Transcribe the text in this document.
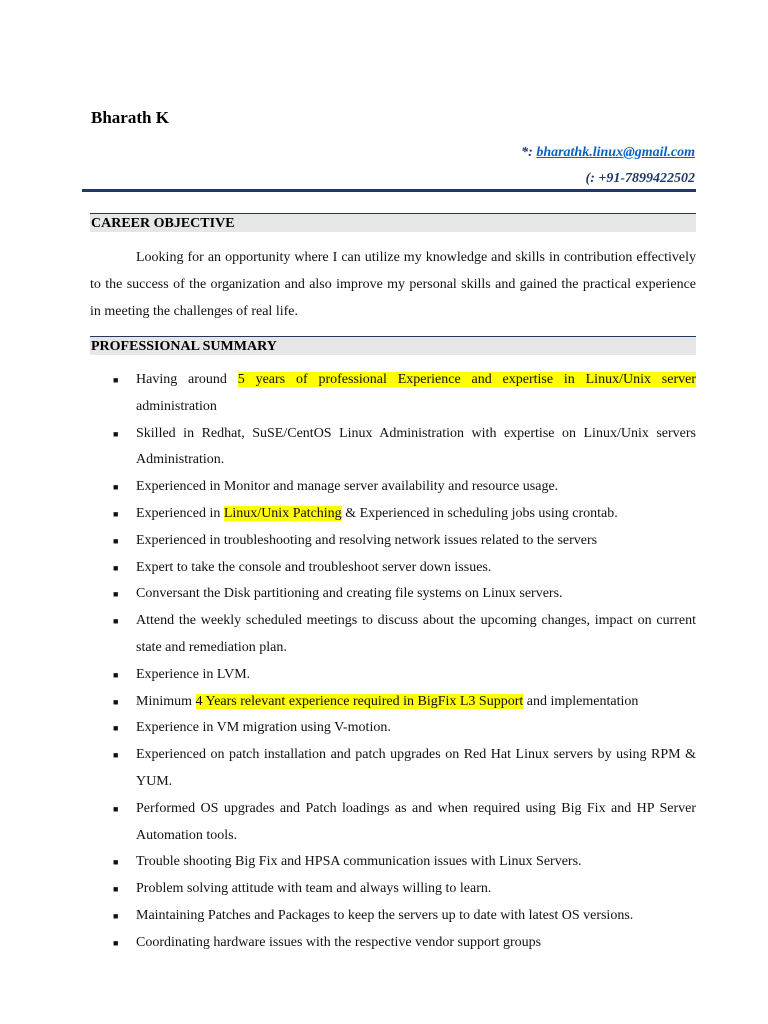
Bharath K
*: bharathk.linux@gmail.com
(: +91-7899422502
CAREER OBJECTIVE

Looking for an opportunity where I can utilize my knowledge and skills in contribution effectively to the success of the organization and also improve my personal skills and gained the practical experience in meeting the challenges of real life.

PROFESSIONAL SUMMARY
■ Having around 5 years of professional Experience and expertise in Linux/Unix server administration
■ Skilled in Redhat, SuSE/CentOS Linux Administration with expertise on Linux/Unix servers Administration.
■ Experienced in Monitor and manage server availability and resource usage.
■ Experienced in Linux/Unix Patching & Experienced in scheduling jobs using crontab.
■ Experienced in troubleshooting and resolving network issues related to the servers
■ Expert to take the console and troubleshoot server down issues.
■ Conversant the Disk partitioning and creating file systems on Linux servers.
■ Attend the weekly scheduled meetings to discuss about the upcoming changes, impact on current state and remediation plan.
■ Experience in LVM.
■ Minimum 4 Years relevant experience required in BigFix L3 Support and implementation
■ Experience in VM migration using V-motion.
■ Experienced on patch installation and patch upgrades on Red Hat Linux servers by using RPM & YUM.
■ Performed OS upgrades and Patch loadings as and when required using Big Fix and HP Server Automation tools.
■ Trouble shooting Big Fix and HPSA communication issues with Linux Servers.
■ Problem solving attitude with team and always willing to learn.
■ Maintaining Patches and Packages to keep the servers up to date with latest OS versions.
■ Coordinating hardware issues with the respective vendor support groups
